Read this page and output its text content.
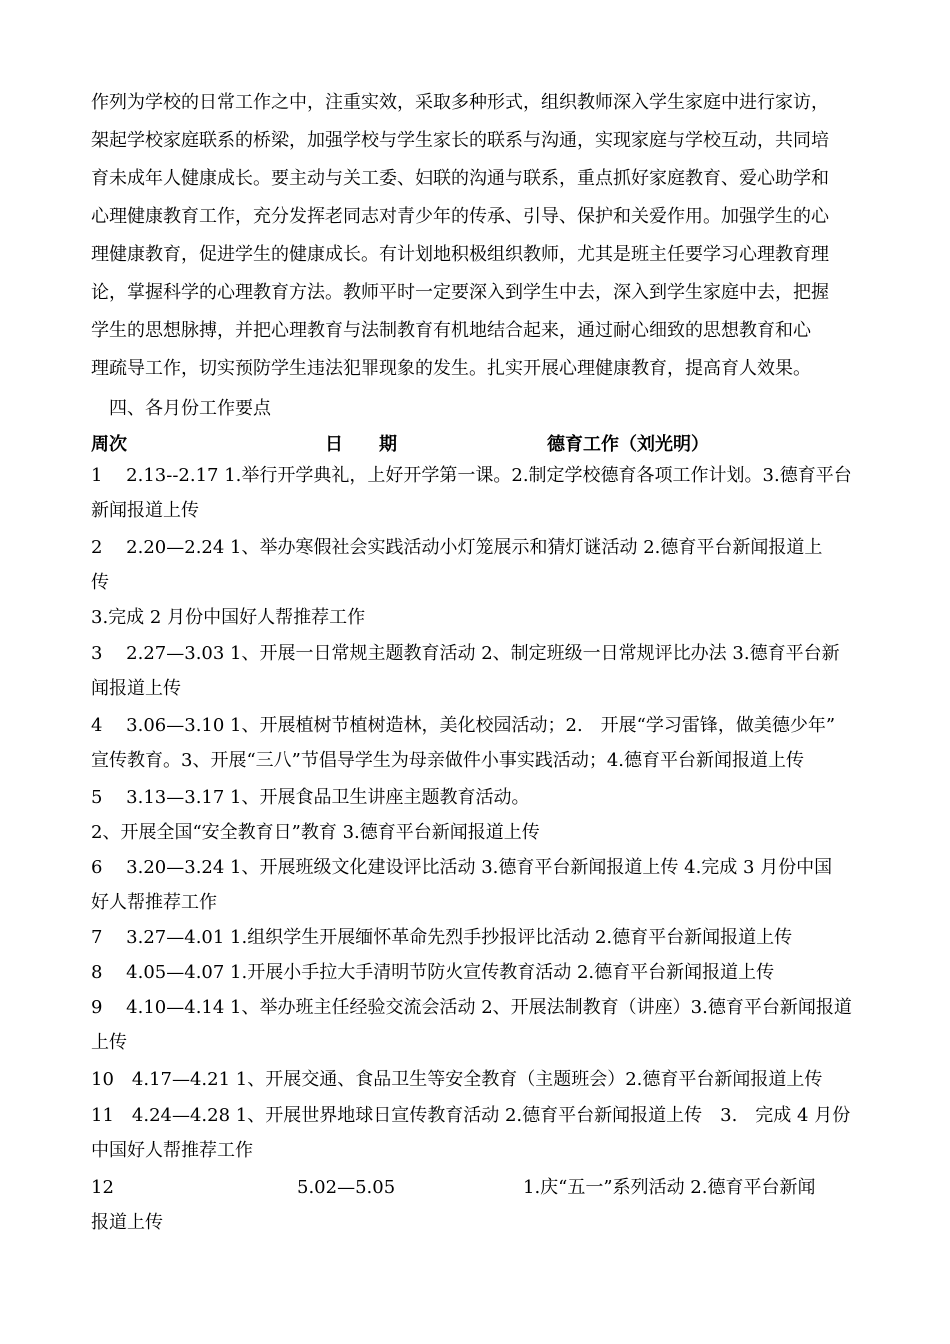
作列为学校的日常工作之中，注重实效，采取多种形式，组织教师深入学生家庭中进行家访，
架起学校家庭联系的桥梁，加强学校与学生家长的联系与沟通，实现家庭与学校互动，共同培
育未成年人健康成长。要主动与关工委、妇联的沟通与联系，重点抓好家庭教育、爱心助学和
心理健康教育工作，充分发挥老同志对青少年的传承、引导、保护和关爱作用。加强学生的心
理健康教育，促进学生的健康成长。有计划地积极组织教师，尤其是班主任要学习心理教育理
论，掌握科学的心理教育方法。教师平时一定要深入到学生中去，深入到学生家庭中去，把握
学生的思想脉搏，并把心理教育与法制教育有机地结合起来，通过耐心细致的思想教育和心
理疏导工作，切实预防学生违法犯罪现象的发生。扎实开展心理健康教育，提高育人效果。
四、各月份工作要点
周次	日　　期	德育工作（刘光明）
1　 2.13--2.17 1.举行开学典礼，上好开学第一课。2.制定学校德育各项工作计划。3.德育平台
新闻报道上传
2　 2.20—2.24 1、举办寒假社会实践活动小灯笼展示和猜灯谜活动 2.德育平台新闻报道上
传
3.完成 2 月份中国好人帮推荐工作
3　 2.27—3.03 1、开展一日常规主题教育活动 2、制定班级一日常规评比办法 3.德育平台新
闻报道上传
4　 3.06—3.10 1、开展植树节植树造林，美化校园活动；2.　开展“学习雷锋，做美德少年”
宣传教育。3、开展“三八”节倡导学生为母亲做件小事实践活动；4.德育平台新闻报道上传
5　 3.13—3.17 1、开展食品卫生讲座主题教育活动。
2、开展全国“安全教育日”教育 3.德育平台新闻报道上传
6　 3.20—3.24 1、开展班级文化建设评比活动 3.德育平台新闻报道上传 4.完成 3 月份中国
好人帮推荐工作
7　 3.27—4.01 1.组织学生开展缅怀革命先烈手抄报评比活动 2.德育平台新闻报道上传
8　 4.05—4.07 1.开展小手拉大手清明节防火宣传教育活动 2.德育平台新闻报道上传
9　 4.10—4.14 1、举办班主任经验交流会活动 2、开展法制教育（讲座）3.德育平台新闻报道
上传
10　4.17—4.21 1、开展交通、食品卫生等安全教育（主题班会）2.德育平台新闻报道上传
11　4.24—4.28 1、开展世界地球日宣传教育活动 2.德育平台新闻报道上传　3.　完成 4 月份
中国好人帮推荐工作
12	5.02—5.05	1.庆“五一”系列活动 2.德育平台新闻
报道上传
